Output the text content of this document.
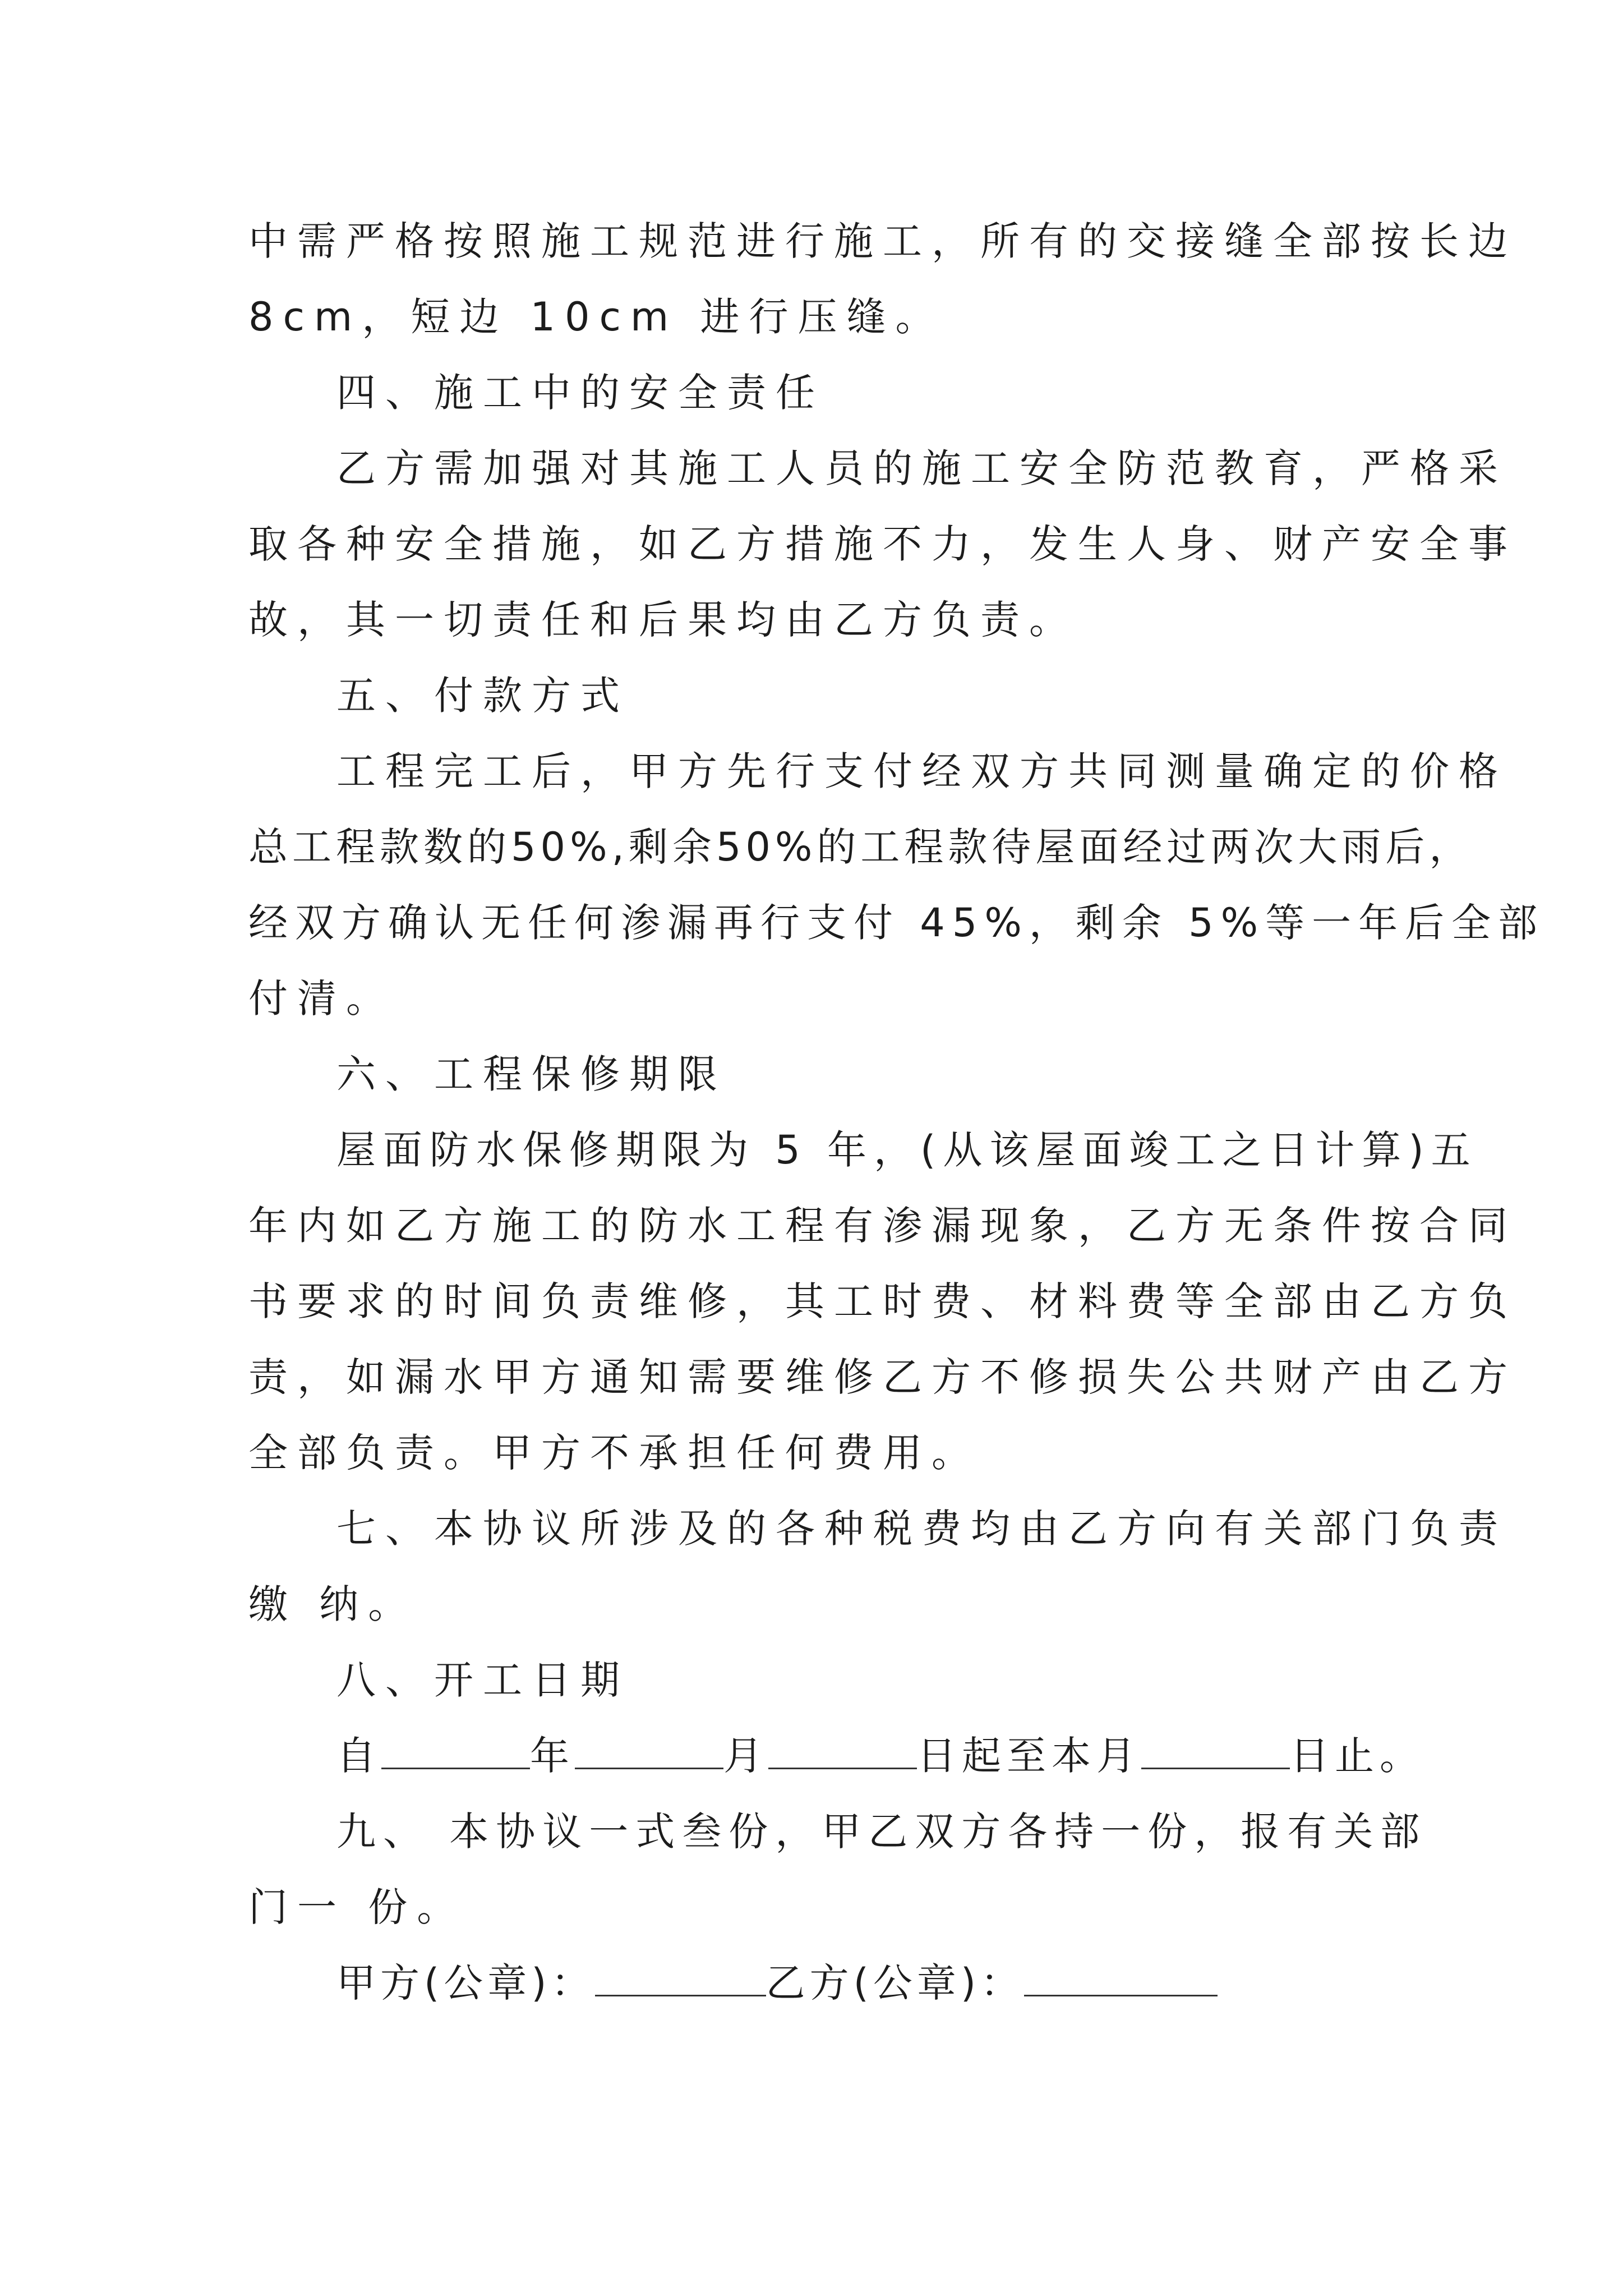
中需严格按照施工规范进行施工，所有的交接缝全部按长边
8cm，短边 10cm 进行压缝。
四、施工中的安全责任
乙方需加强对其施工人员的施工安全防范教育，严格采
取各种安全措施，如乙方措施不力，发生人身、财产安全事
故，其一切责任和后果均由乙方负责。
五、付款方式
工程完工后，甲方先行支付经双方共同测量确定的价格
总工程款数的50%,剩余50%的工程款待屋面经过两次大雨后，
经双方确认无任何渗漏再行支付 45%，剩余 5%等一年后全部
付清。
六、工程保修期限
屋面防水保修期限为 5 年，(从该屋面竣工之日计算)五
年内如乙方施工的防水工程有渗漏现象，乙方无条件按合同
书要求的时间负责维修，其工时费、材料费等全部由乙方负
责，如漏水甲方通知需要维修乙方不修损失公共财产由乙方
全部负责。甲方不承担任何费用。
七、本协议所涉及的各种税费均由乙方向有关部门负责
缴 纳。
八、开工日期
自	年	月	日起至本月	日止。
九、 本协议一式叁份，甲乙双方各持一份，报有关部
门一 份。
甲方(公章)：	乙方(公章)：
